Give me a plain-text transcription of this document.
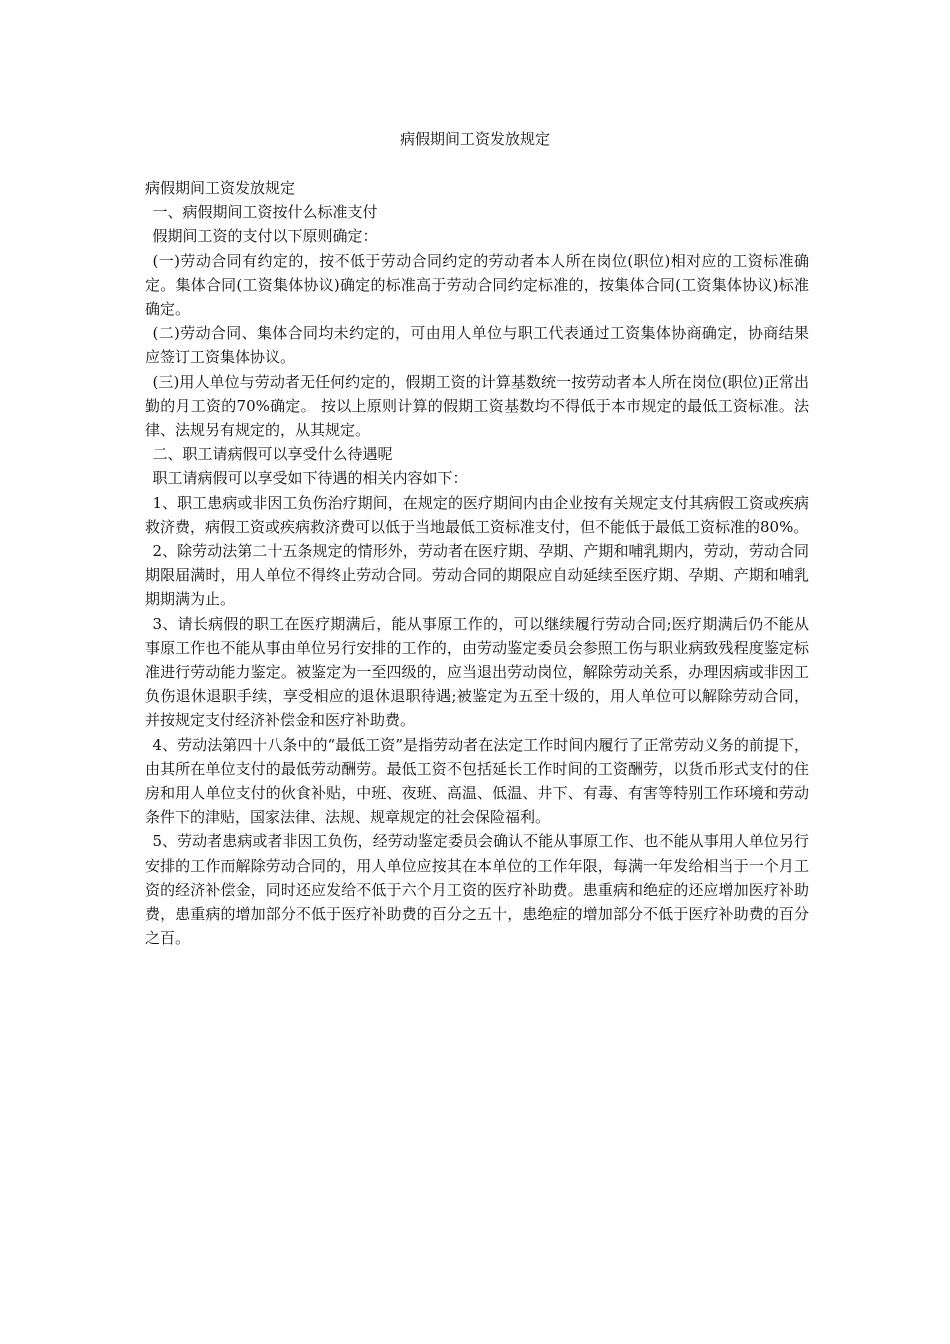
病假期间工资发放规定

病假期间工资发放规定

一、病假期间工资按什么标准支付

假期间工资的支付以下原则确定：

(一)劳动合同有约定的，按不低于劳动合同约定的劳动者本人所在岗位(职位)相对应的工资标准确定。集体合同(工资集体协议)确定的标准高于劳动合同约定标准的，按集体合同(工资集体协议)标准确定。

(二)劳动合同、集体合同均未约定的，可由用人单位与职工代表通过工资集体协商确定，协商结果应签订工资集体协议。

(三)用人单位与劳动者无任何约定的，假期工资的计算基数统一按劳动者本人所在岗位(职位)正常出勤的月工资的70%确定。 按以上原则计算的假期工资基数均不得低于本市规定的最低工资标准。法律、法规另有规定的，从其规定。

二、职工请病假可以享受什么待遇呢

职工请病假可以享受如下待遇的相关内容如下：

1、职工患病或非因工负伤治疗期间，在规定的医疗期间内由企业按有关规定支付其病假工资或疾病救济费，病假工资或疾病救济费可以低于当地最低工资标准支付，但不能低于最低工资标准的80%。

2、除劳动法第二十五条规定的情形外，劳动者在医疗期、孕期、产期和哺乳期内，劳动，劳动合同期限届满时，用人单位不得终止劳动合同。劳动合同的期限应自动延续至医疗期、孕期、产期和哺乳期期满为止。

3、请长病假的职工在医疗期满后，能从事原工作的，可以继续履行劳动合同;医疗期满后仍不能从事原工作也不能从事由单位另行安排的工作的，由劳动鉴定委员会参照工伤与职业病致残程度鉴定标准进行劳动能力鉴定。被鉴定为一至四级的，应当退出劳动岗位，解除劳动关系，办理因病或非因工负伤退休退职手续，享受相应的退休退职待遇;被鉴定为五至十级的，用人单位可以解除劳动合同，并按规定支付经济补偿金和医疗补助费。

4、劳动法第四十八条中的“最低工资”是指劳动者在法定工作时间内履行了正常劳动义务的前提下，由其所在单位支付的最低劳动酬劳。最低工资不包括延长工作时间的工资酬劳，以货币形式支付的住房和用人单位支付的伙食补贴，中班、夜班、高温、低温、井下、有毒、有害等特别工作环境和劳动条件下的津贴，国家法律、法规、规章规定的社会保险福利。

5、劳动者患病或者非因工负伤，经劳动鉴定委员会确认不能从事原工作、也不能从事用人单位另行安排的工作而解除劳动合同的，用人单位应按其在本单位的工作年限，每满一年发给相当于一个月工资的经济补偿金，同时还应发给不低于六个月工资的医疗补助费。患重病和绝症的还应增加医疗补助费，患重病的增加部分不低于医疗补助费的百分之五十，患绝症的增加部分不低于医疗补助费的百分之百。
